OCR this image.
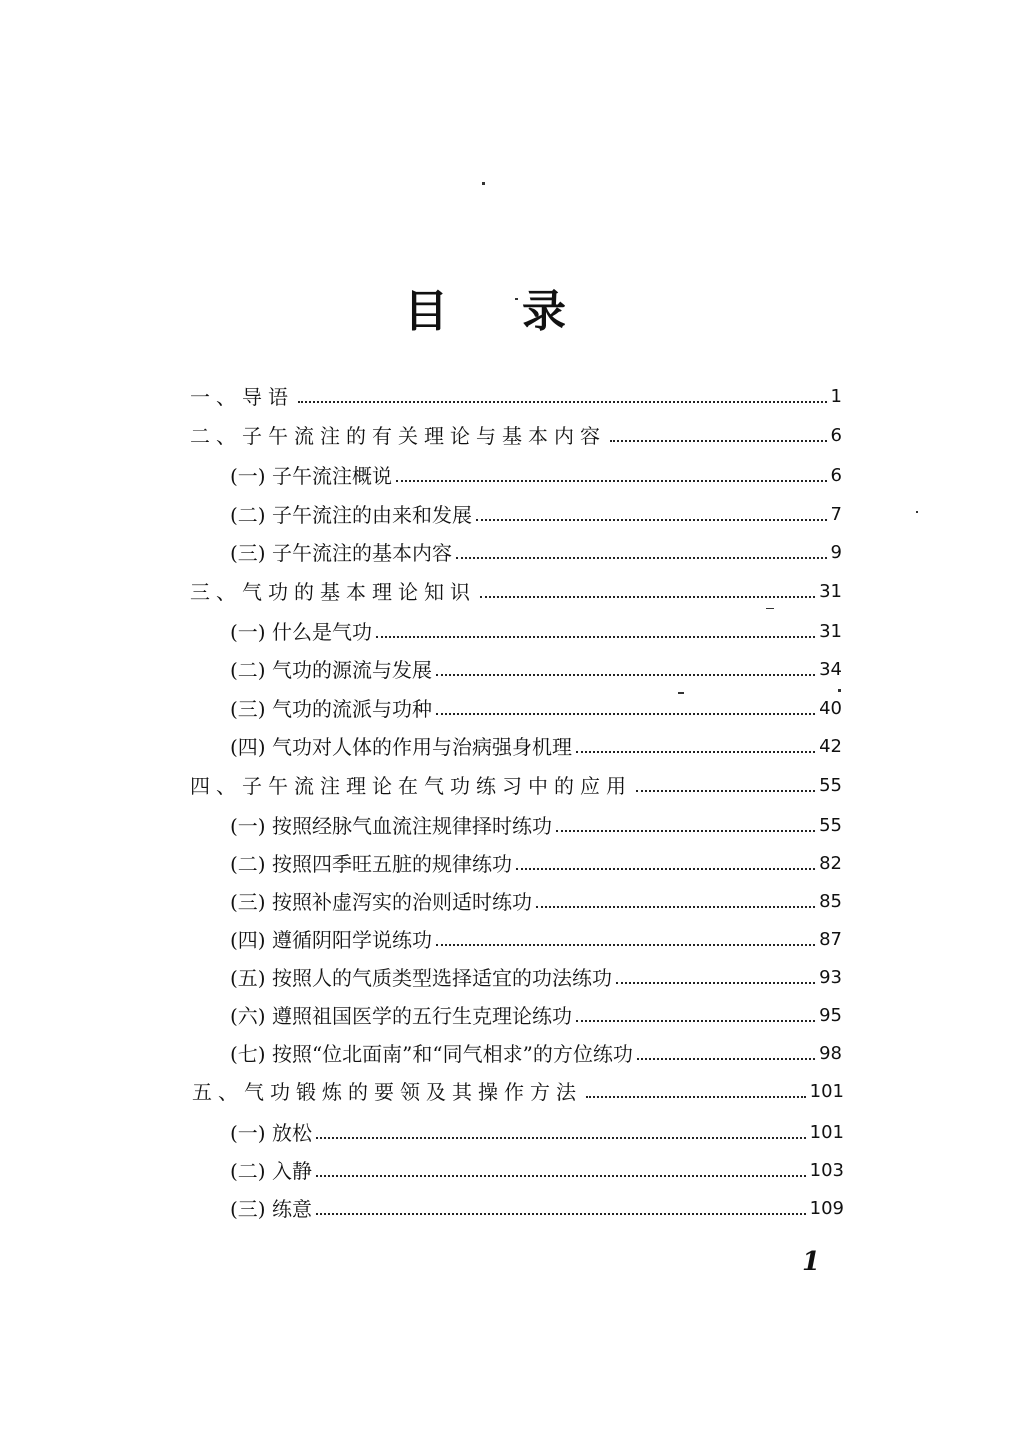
目 录
一、导语	1
二、子午流注的有关理论与基本内容	6
(一) 子午流注概说	6
(二) 子午流注的由来和发展	7
(三) 子午流注的基本内容	9
三、气功的基本理论知识	31
(一) 什么是气功	31
(二) 气功的源流与发展	34
(三) 气功的流派与功种	40
(四) 气功对人体的作用与治病强身机理	42
四、子午流注理论在气功练习中的应用	55
(一) 按照经脉气血流注规律择时练功	55
(二) 按照四季旺五脏的规律练功	82
(三) 按照补虚泻实的治则适时练功	85
(四) 遵循阴阳学说练功	87
(五) 按照人的气质类型选择适宜的功法练功	93
(六) 遵照祖国医学的五行生克理论练功	95
(七) 按照“位北面南”和“同气相求”的方位练功	98
五、气功锻炼的要领及其操作方法	101
(一) 放松	101
(二) 入静	103
(三) 练意	109
1
